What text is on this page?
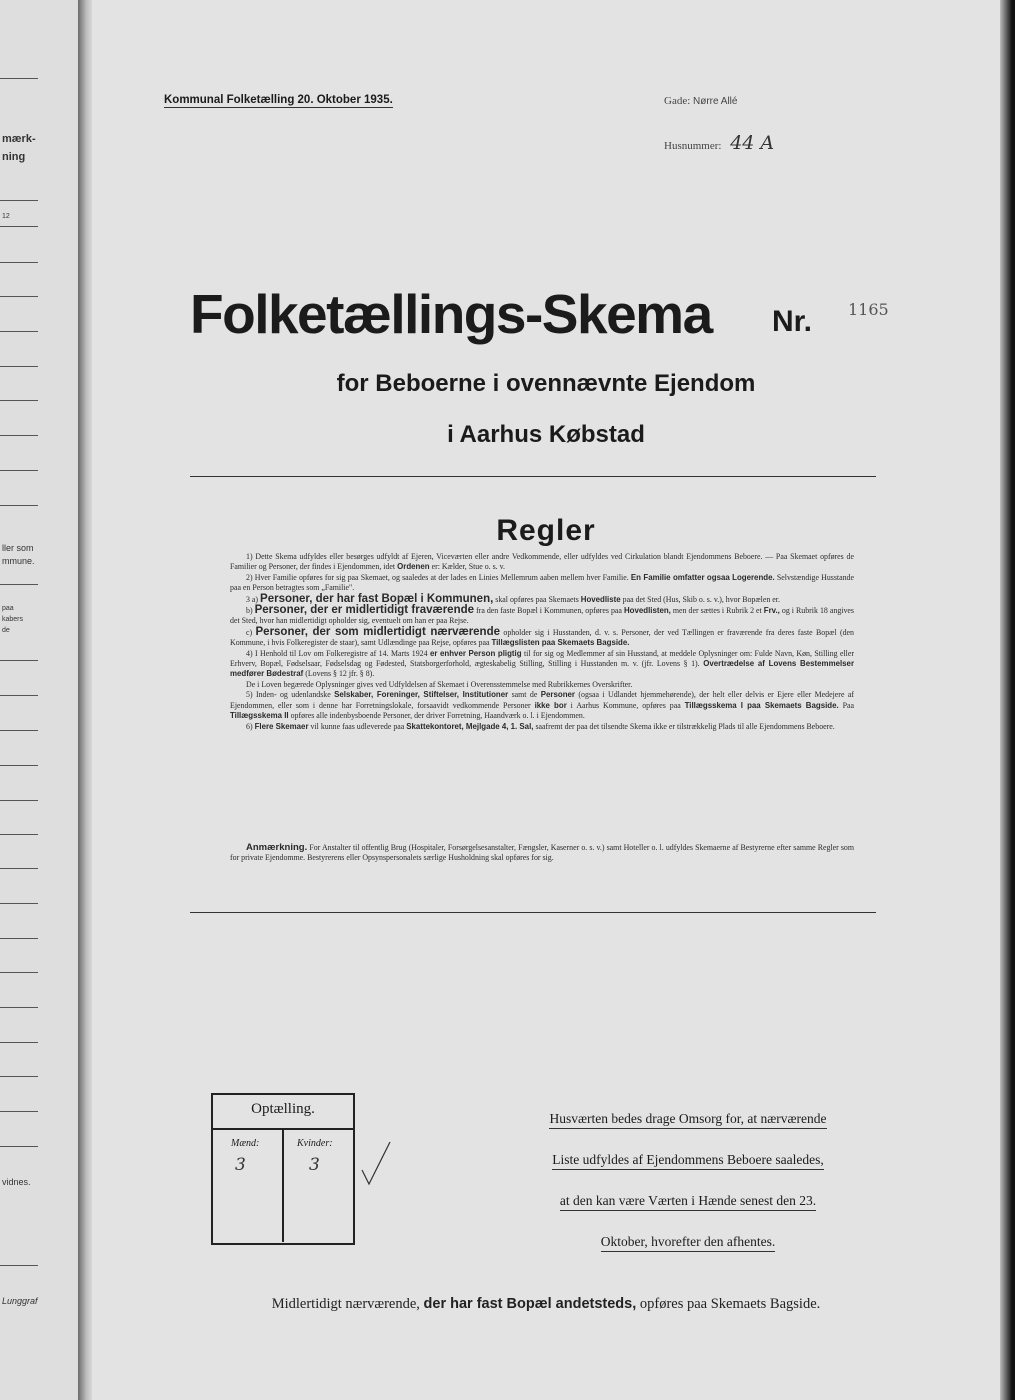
mærk-
ning
12
ller som
mmune.
paa
kabers
de
vidnes.
Lunggraf
Kommunal Folketælling 20. Oktober 1935.	Gade: Nørre Allé
Husnummer: 44 A
Folketællings-Skema Nr. 1165
for Beboerne i ovennævnte Ejendom
i Aarhus Købstad
Regler

1) Dette Skema udfyldes eller besørges udfyldt af Ejeren, Viceværten eller andre Vedkommende, eller udfyldes ved Cirkulation blandt Ejendommens Beboere. — Paa Skemaet opføres de Familier og Personer, der findes i Ejendommen, idet Ordenen er: Kælder, Stue o. s. v.

2) Hver Familie opføres for sig paa Skemaet, og saaledes at der lades en Linies Mellemrum aaben mellem hver Familie. En Familie omfatter ogsaa Logerende. Selvstændige Husstande paa en Person betragtes som „Familie".

3 a) Personer, der har fast Bopæl i Kommunen, skal opføres paa Skemaets Hovedliste paa det Sted (Hus, Skib o. s. v.), hvor Bopælen er.

b) Personer, der er midlertidigt fraværende fra den faste Bopæl i Kommunen, opføres paa Hovedlisten, men der sættes i Rubrik 2 et Frv., og i Rubrik 18 angives det Sted, hvor han midlertidigt opholder sig, eventuelt om han er paa Rejse.

c) Personer, der som midlertidigt nærværende opholder sig i Husstanden, d. v. s. Personer, der ved Tællingen er fraværende fra deres faste Bopæl (den Kommune, i hvis Folkeregister de staar), samt Udlændinge paa Rejse, opføres paa Tillægslisten paa Skemaets Bagside.

4) I Henhold til Lov om Folkeregistre af 14. Marts 1924 er enhver Person pligtig til for sig og Medlemmer af sin Husstand, at meddele Oplysninger om: Fulde Navn, Køn, Stilling eller Erhverv, Bopæl, Fødselsaar, Fødselsdag og Fødested, Statsborgerforhold, ægteskabelig Stilling, Stilling i Husstanden m. v. (jfr. Lovens § 1). Overtrædelse af Lovens Bestemmelser medfører Bødestraf (Lovens § 12 jfr. § 8).

De i Loven begærede Oplysninger gives ved Udfyldelsen af Skemaet i Overensstemmelse med Rubrikkernes Overskrifter.

5) Inden- og udenlandske Selskaber, Foreninger, Stiftelser, Institutioner samt de Personer (ogsaa i Udlandet hjemmehørende), der helt eller delvis er Ejere eller Medejere af Ejendommen, eller som i denne har Forretningslokale, forsaavidt vedkommende Personer ikke bor i Aarhus Kommune, opføres paa Tillægsskema I paa Skemaets Bagside. Paa Tillægsskema II opføres alle indenbysboende Personer, der driver Forretning, Haandværk o. l. i Ejendommen.

6) Flere Skemaer vil kunne faas udleverede paa Skattekontoret, Mejlgade 4, 1. Sal, saafremt der paa det tilsendte Skema ikke er tilstrækkelig Plads til alle Ejendommens Beboere.

Anmærkning. For Anstalter til offentlig Brug (Hospitaler, Forsørgelsesanstalter, Fængsler, Kaserner o. s. v.) samt Hoteller o. l. udfyldes Skemaerne af Bestyrerne efter samme Regler som for private Ejendomme. Bestyrerens eller Opsynspersonalets særlige Husholdning skal opføres for sig.

Optælling.
Mænd:	Kvinder:
3	3
Husværten bedes drage Omsorg for, at nærværende
Liste udfyldes af Ejendommens Beboere saaledes,
at den kan være Værten i Hænde senest den 23.
Oktober, hvorefter den afhentes.
Midlertidigt nærværende, der har fast Bopæl andetsteds, opføres paa Skemaets Bagside.
